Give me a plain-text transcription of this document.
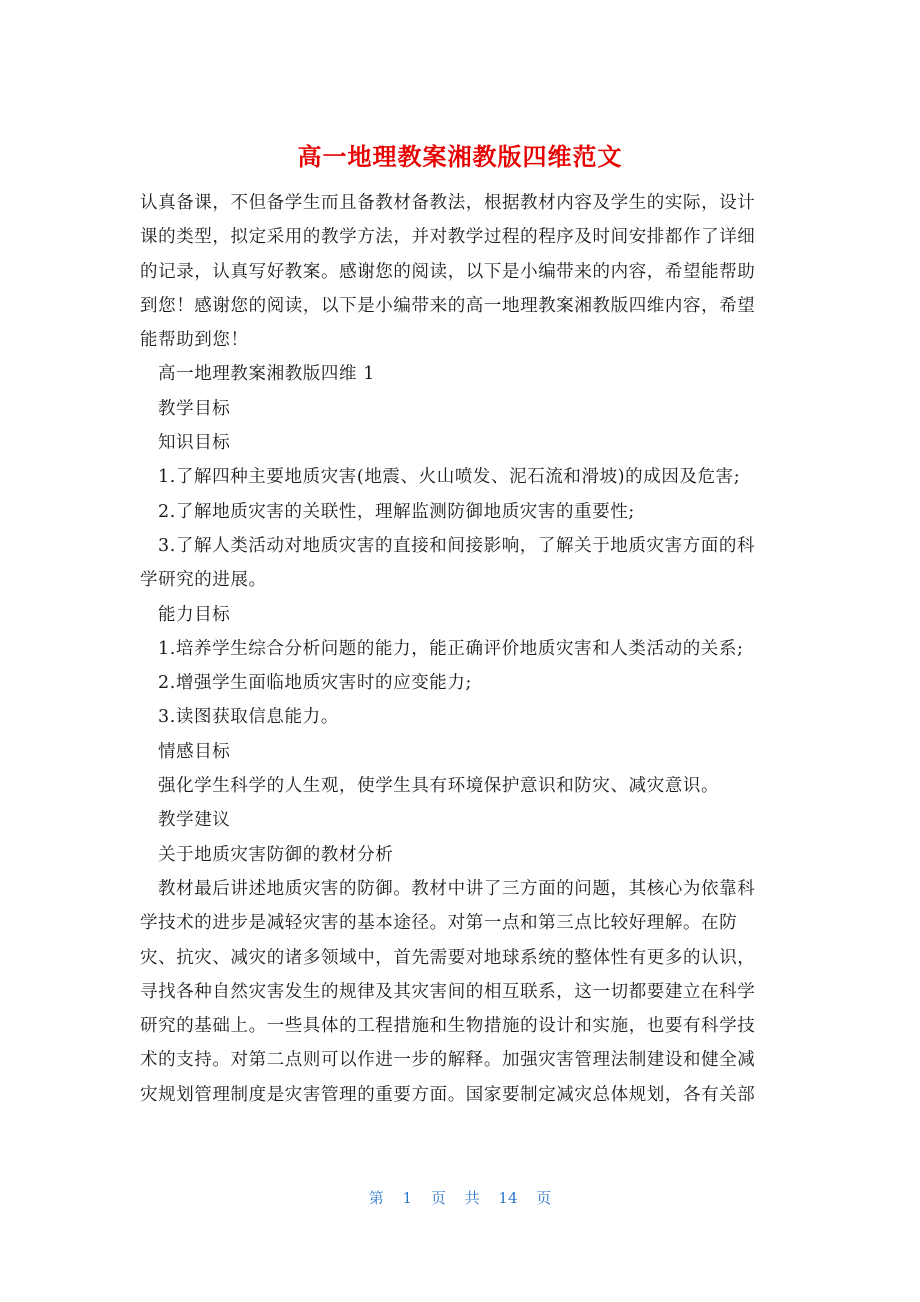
高一地理教案湘教版四维范文

认真备课，不但备学生而且备教材备教法，根据教材内容及学生的实际，设计课的类型，拟定采用的教学方法，并对教学过程的程序及时间安排都作了详细的记录，认真写好教案。感谢您的阅读，以下是小编带来的内容，希望能帮助到您！感谢您的阅读，以下是小编带来的高一地理教案湘教版四维内容，希望能帮助到您！

高一地理教案湘教版四维 1

教学目标

知识目标

1.了解四种主要地质灾害(地震、火山喷发、泥石流和滑坡)的成因及危害;

2.了解地质灾害的关联性，理解监测防御地质灾害的重要性;

3.了解人类活动对地质灾害的直接和间接影响，了解关于地质灾害方面的科学研究的进展。

能力目标

1.培养学生综合分析问题的能力，能正确评价地质灾害和人类活动的关系;

2.增强学生面临地质灾害时的应变能力;

3.读图获取信息能力。

情感目标

强化学生科学的人生观，使学生具有环境保护意识和防灾、减灾意识。

教学建议

关于地质灾害防御的教材分析

教材最后讲述地质灾害的防御。教材中讲了三方面的问题，其核心为依靠科学技术的进步是减轻灾害的基本途径。对第一点和第三点比较好理解。在防灾、抗灾、减灾的诸多领域中，首先需要对地球系统的整体性有更多的认识，寻找各种自然灾害发生的规律及其灾害间的相互联系，这一切都要建立在科学研究的基础上。一些具体的工程措施和生物措施的设计和实施，也要有科学技术的支持。对第二点则可以作进一步的解释。加强灾害管理法制建设和健全减灾规划管理制度是灾害管理的重要方面。国家要制定减灾总体规划，各有关部

第 1 页 共 14 页
